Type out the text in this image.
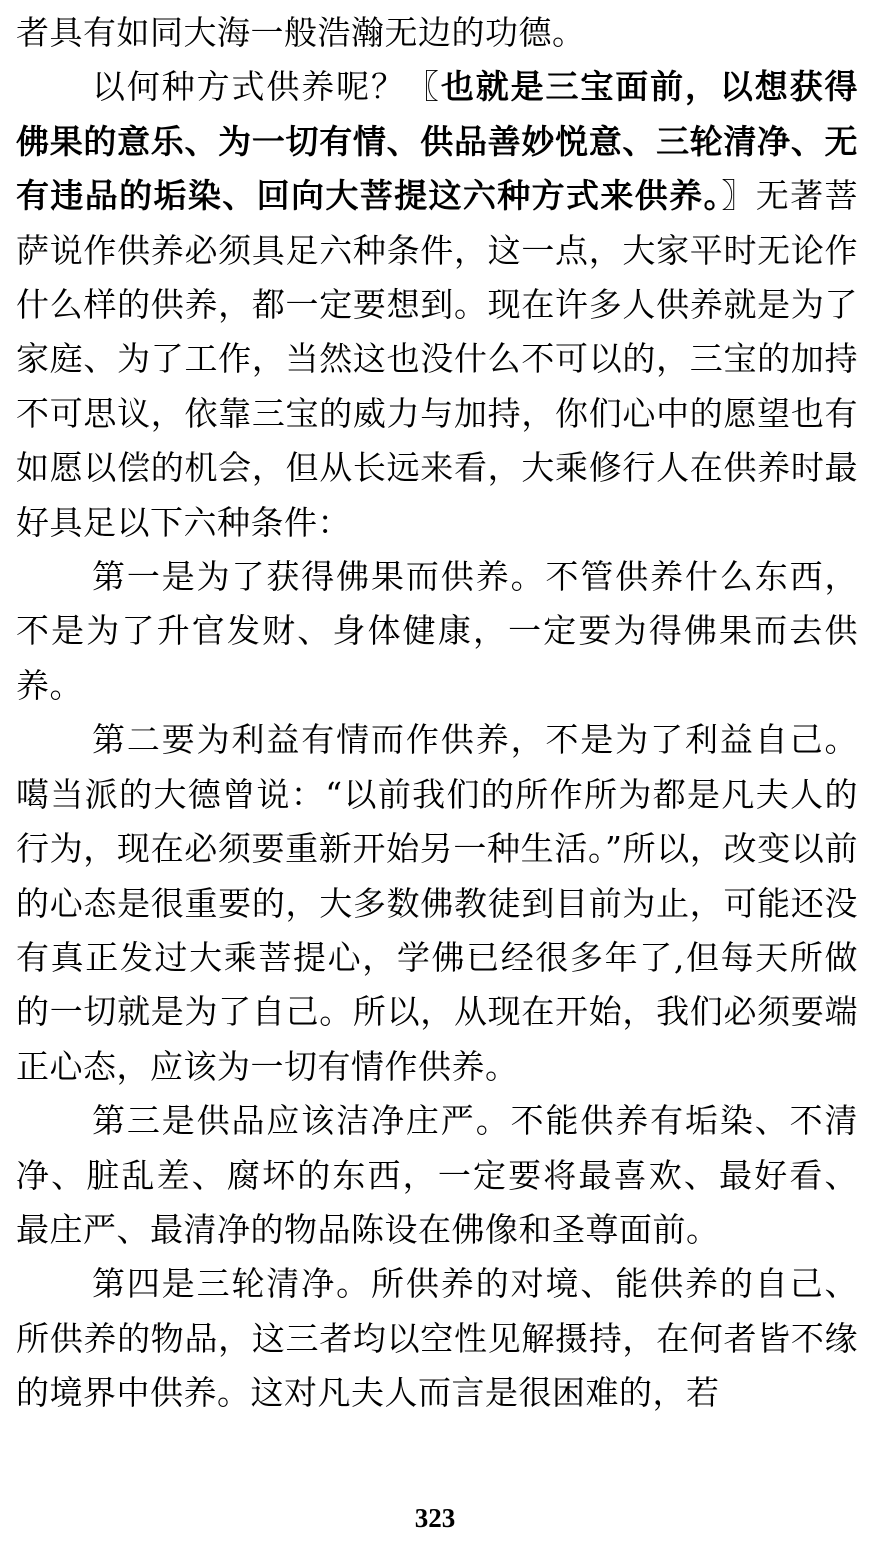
者具有如同大海一般浩瀚无边的功德。

以何种方式供养呢？〖也就是三宝面前，以想获得佛果的意乐、为一切有情、供品善妙悦意、三轮清净、无有违品的垢染、回向大菩提这六种方式来供养。〗无著菩萨说作供养必须具足六种条件，这一点，大家平时无论作什么样的供养，都一定要想到。现在许多人供养就是为了家庭、为了工作，当然这也没什么不可以的，三宝的加持不可思议，依靠三宝的威力与加持，你们心中的愿望也有如愿以偿的机会，但从长远来看，大乘修行人在供养时最好具足以下六种条件：

第一是为了获得佛果而供养。不管供养什么东西，不是为了升官发财、身体健康，一定要为得佛果而去供养。

第二要为利益有情而作供养，不是为了利益自己。噶当派的大德曾说：“以前我们的所作所为都是凡夫人的行为，现在必须要重新开始另一种生活。”所以，改变以前的心态是很重要的，大多数佛教徒到目前为止，可能还没有真正发过大乘菩提心，学佛已经很多年了,但每天所做的一切就是为了自己。所以，从现在开始，我们必须要端正心态，应该为一切有情作供养。

第三是供品应该洁净庄严。不能供养有垢染、不清净、脏乱差、腐坏的东西，一定要将最喜欢、最好看、 最庄严、最清净的物品陈设在佛像和圣尊面前。

第四是三轮清净。所供养的对境、能供养的自己、所供养的物品，这三者均以空性见解摄持，在何者皆不缘的境界中供养。这对凡夫人而言是很困难的，若

323
